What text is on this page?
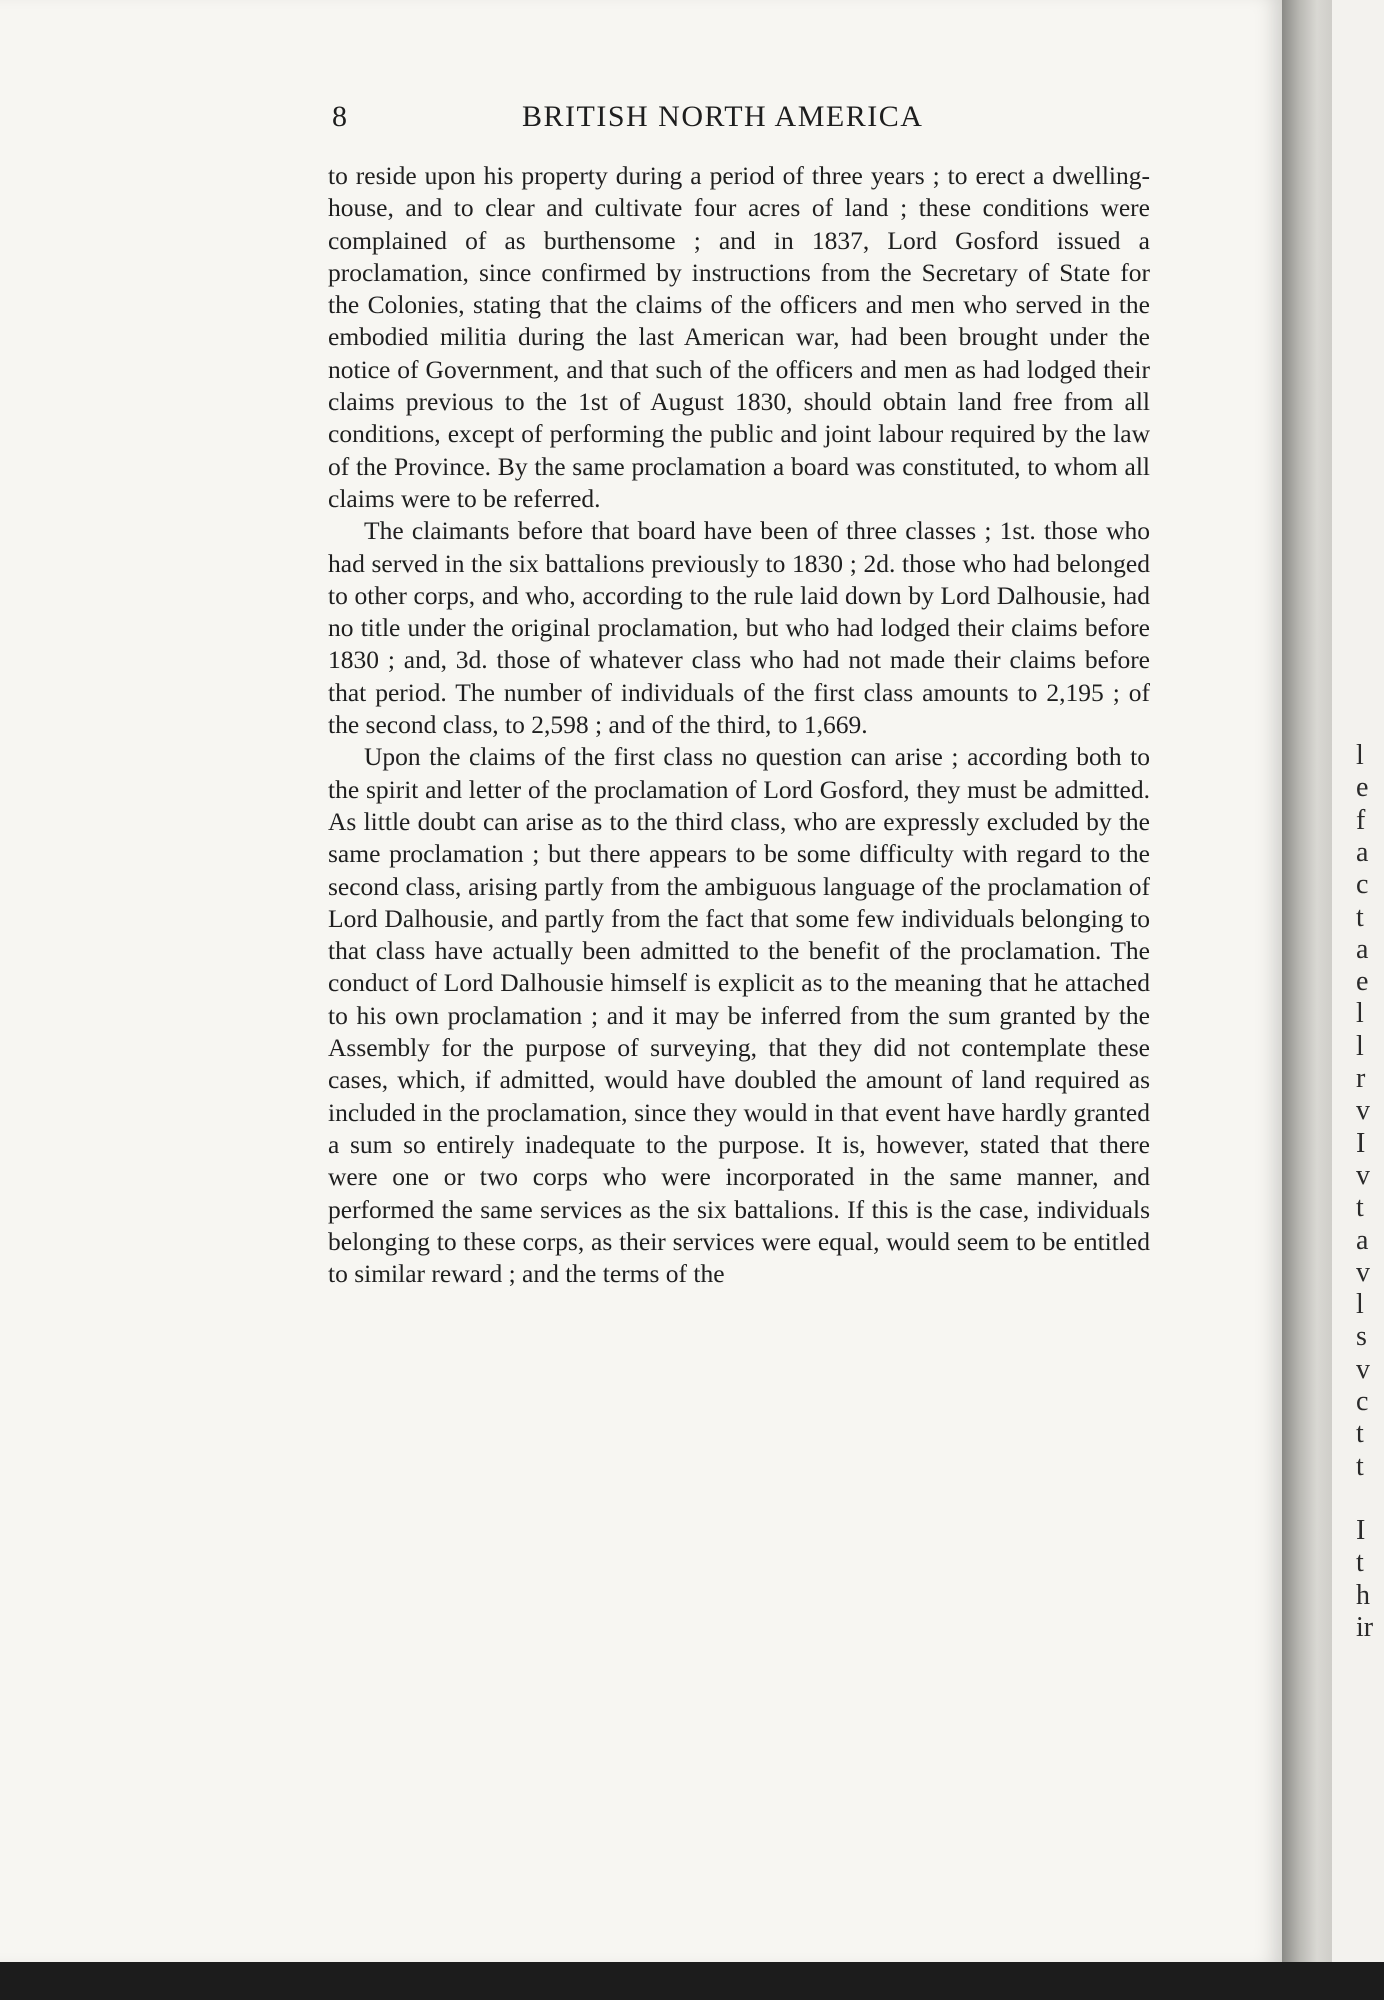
8	BRITISH NORTH AMERICA

to reside upon his property during a period of three years ; to erect a dwelling-house, and to clear and cultivate four acres of land ; these conditions were complained of as burthensome ; and in 1837, Lord Gosford issued a proclamation, since confirmed by instructions from the Secretary of State for the Colonies, stating that the claims of the officers and men who served in the embodied militia during the last American war, had been brought under the notice of Government, and that such of the officers and men as had lodged their claims previous to the 1st of August 1830, should obtain land free from all conditions, except of performing the public and joint labour required by the law of the Province. By the same proclamation a board was constituted, to whom all claims were to be referred.

The claimants before that board have been of three classes ; 1st. those who had served in the six battalions previously to 1830 ; 2d. those who had belonged to other corps, and who, according to the rule laid down by Lord Dalhousie, had no title under the original proclamation, but who had lodged their claims before 1830 ; and, 3d. those of whatever class who had not made their claims before that period. The number of individuals of the first class amounts to 2,195 ; of the second class, to 2,598 ; and of the third, to 1,669.

Upon the claims of the first class no question can arise ; according both to the spirit and letter of the proclamation of Lord Gosford, they must be admitted. As little doubt can arise as to the third class, who are expressly excluded by the same proclamation ; but there appears to be some difficulty with regard to the second class, arising partly from the ambiguous language of the proclamation of Lord Dalhousie, and partly from the fact that some few individuals belonging to that class have actually been admitted to the benefit of the proclamation. The conduct of Lord Dalhousie himself is explicit as to the meaning that he attached to his own proclamation ; and it may be inferred from the sum granted by the Assembly for the purpose of surveying, that they did not contemplate these cases, which, if admitted, would have doubled the amount of land required as included in the proclamation, since they would in that event have hardly granted a sum so entirely inadequate to the purpose. It is, however, stated that there were one or two corps who were incorporated in the same manner, and performed the same services as the six battalions. If this is the case, individuals belonging to these corps, as their services were equal, would seem to be entitled to similar reward ; and the terms of the

l
e
f
a
c
t
a
e
l
l
r
v
I
v
t
a
v
l
s
v
c
t
t
I
t
h
ir
